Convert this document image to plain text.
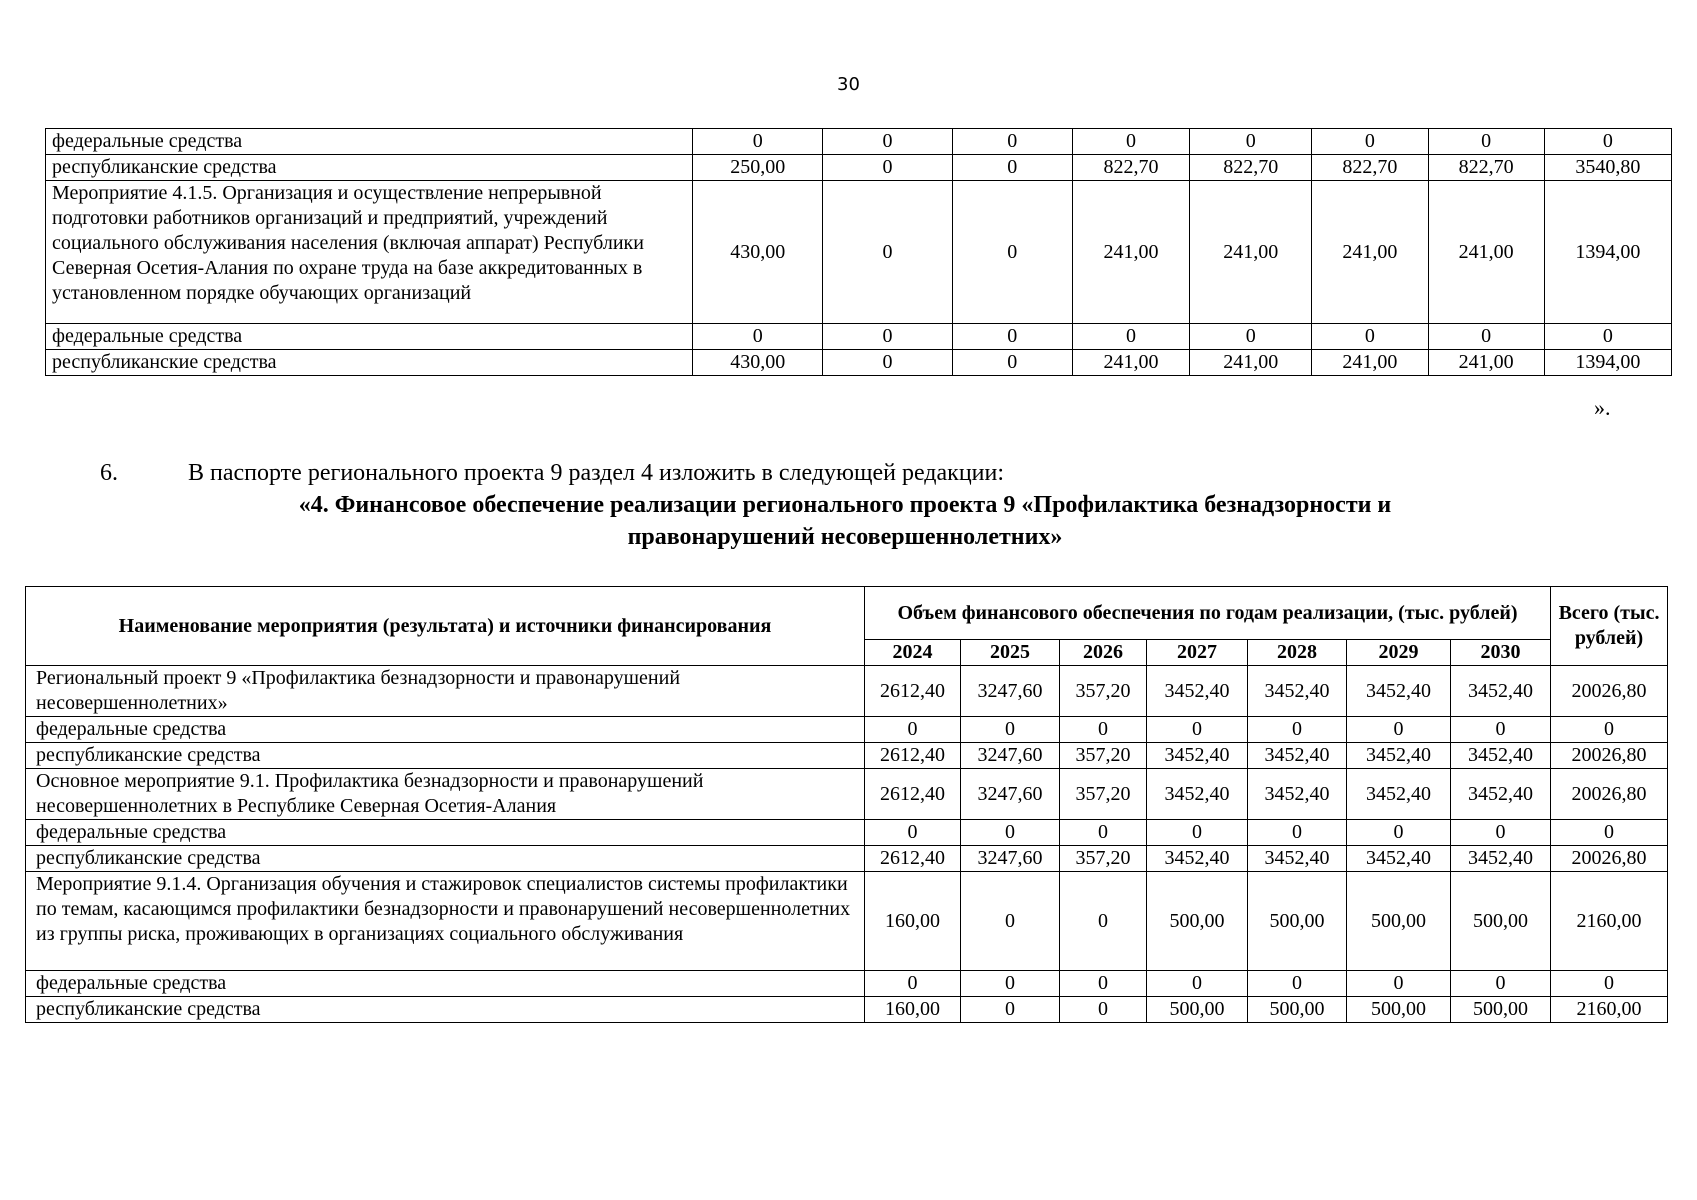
30
федеральные средства	0	0	0	0	0	0	0	0
республиканские средства	250,00	0	0	822,70	822,70	822,70	822,70	3540,80
Мероприятие 4.1.5. Организация и осуществление непрерывной подготовки работников организаций и предприятий, учреждений социального обслуживания населения (включая аппарат) Республики Северная Осетия-Алания по охране труда на базе аккредитованных в установленном порядке обучающих организаций	430,00	0	0	241,00	241,00	241,00	241,00	1394,00
федеральные средства	0	0	0	0	0	0	0	0
республиканские средства	430,00	0	0	241,00	241,00	241,00	241,00	1394,00
».
6.	В паспорте регионального проекта 9 раздел 4 изложить в следующей редакции:
«4. Финансовое обеспечение реализации регионального проекта 9 «Профилактика безнадзорности и
правонарушений несовершеннолетних»
Наименование мероприятия (результата) и источники финансирования	Объем финансового обеспечения по годам реализации, (тыс. рублей)							Всего (тыс. рублей)
	2024	2025	2026	2027	2028	2029	2030	
Региональный проект 9 «Профилактика безнадзорности и правонарушений несовершеннолетних»	2612,40	3247,60	357,20	3452,40	3452,40	3452,40	3452,40	20026,80
федеральные средства	0	0	0	0	0	0	0	0
республиканские средства	2612,40	3247,60	357,20	3452,40	3452,40	3452,40	3452,40	20026,80
Основное мероприятие 9.1. Профилактика безнадзорности и правонарушений несовершеннолетних в Республике Северная Осетия-Алания	2612,40	3247,60	357,20	3452,40	3452,40	3452,40	3452,40	20026,80
федеральные средства	0	0	0	0	0	0	0	0
республиканские средства	2612,40	3247,60	357,20	3452,40	3452,40	3452,40	3452,40	20026,80
Мероприятие 9.1.4. Организация обучения и стажировок специалистов системы профилактики по темам, касающимся профилактики безнадзорности и правонарушений несовершеннолетних из группы риска, проживающих в организациях социального обслуживания	160,00	0	0	500,00	500,00	500,00	500,00	2160,00
федеральные средства	0	0	0	0	0	0	0	0
республиканские средства	160,00	0	0	500,00	500,00	500,00	500,00	2160,00
